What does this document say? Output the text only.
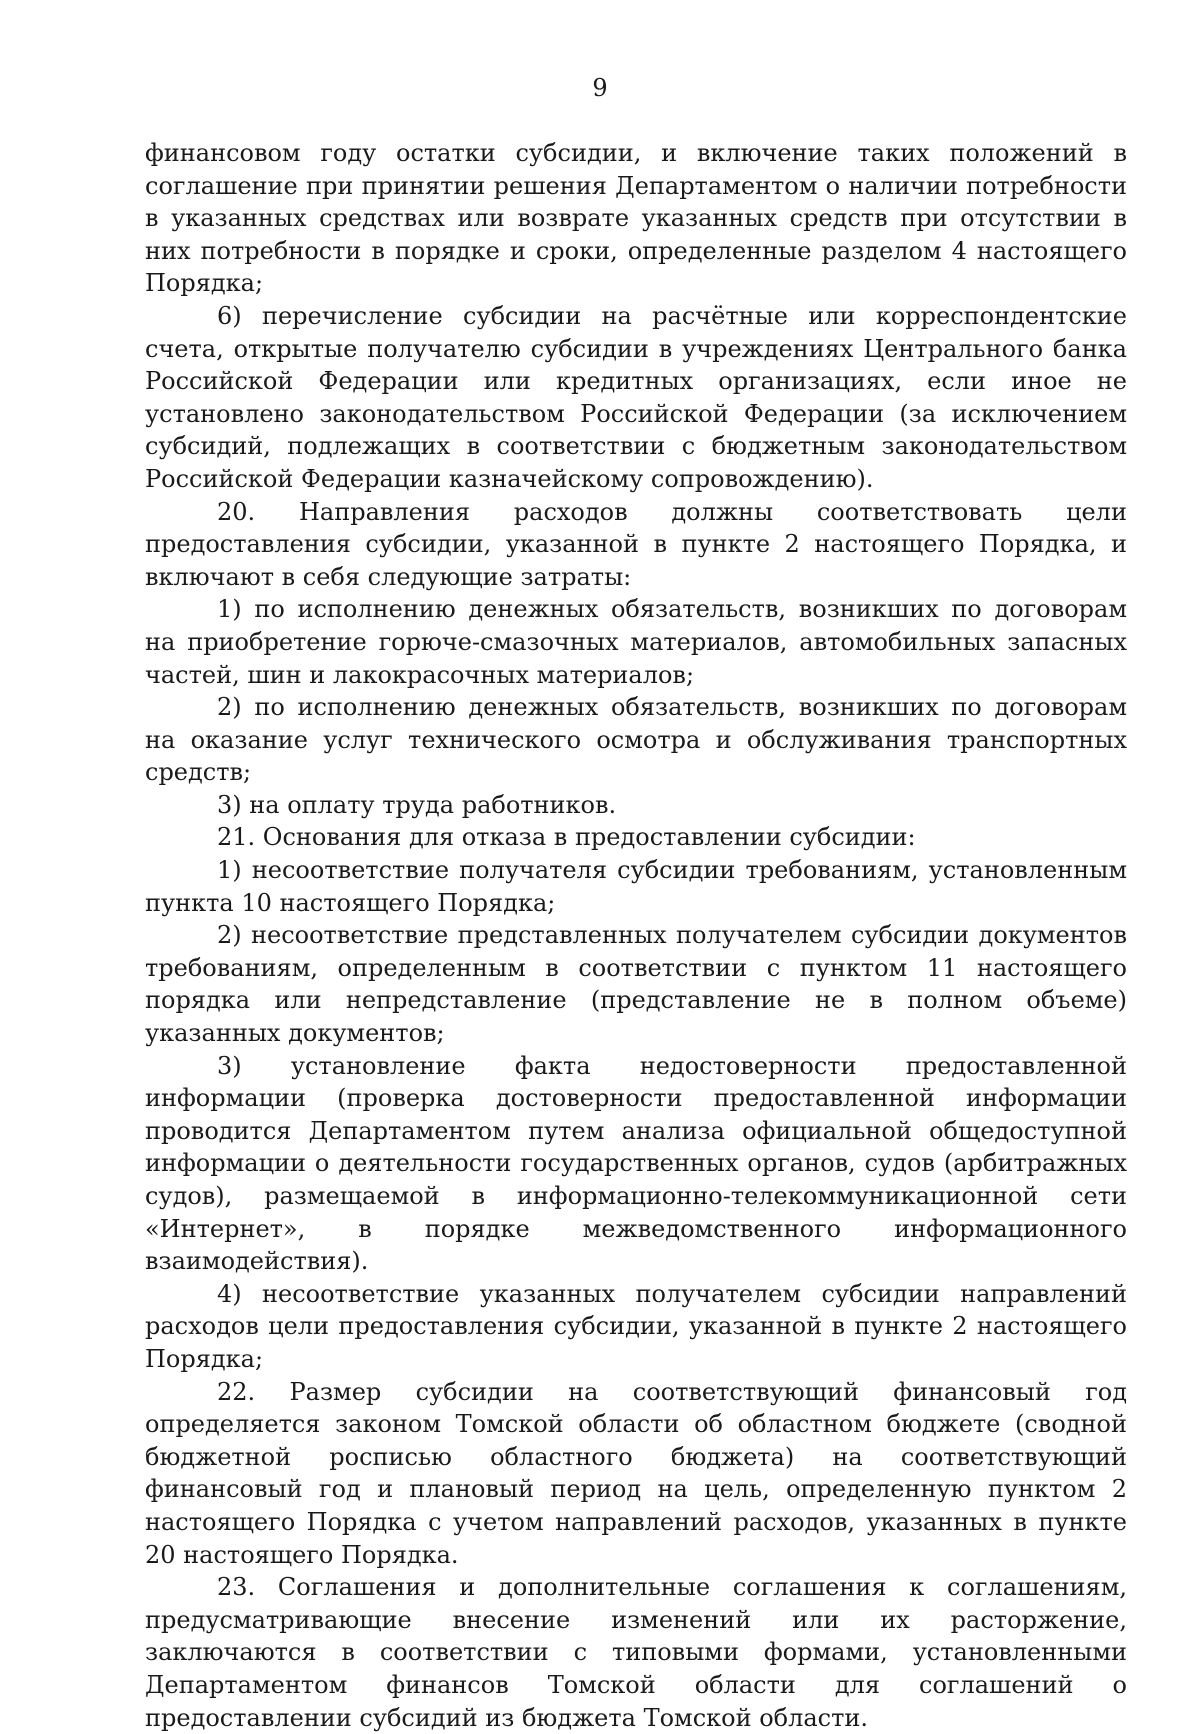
9

финансовом году остатки субсидии, и включение таких положений в соглашение при принятии решения Департаментом о наличии потребности в указанных средствах или возврате указанных средств при отсутствии в них потребности в порядке и сроки, определенные разделом 4 настоящего Порядка;

6) перечисление субсидии на расчётные или корреспондентские счета, открытые получателю субсидии в учреждениях Центрального банка Российской Федерации или кредитных организациях, если иное не установлено законодательством Российской Федерации (за исключением субсидий, подлежащих в соответствии с бюджетным законодательством Российской Федерации казначейскому сопровождению).

20. Направления расходов должны соответствовать цели предоставления субсидии, указанной в пункте 2 настоящего Порядка, и включают в себя следующие затраты:

1) по исполнению денежных обязательств, возникших по договорам на приобретение горюче-смазочных материалов, автомобильных запасных частей, шин и лакокрасочных материалов;

2) по исполнению денежных обязательств, возникших по договорам на оказание услуг технического осмотра и обслуживания транспортных средств;

3) на оплату труда работников.

21. Основания для отказа в предоставлении субсидии:

1) несоответствие получателя субсидии требованиям, установленным пункта 10 настоящего Порядка;

2) несоответствие представленных получателем субсидии документов требованиям, определенным в соответствии с пунктом 11 настоящего порядка или непредставление (представление не в полном объеме) указанных документов;

3) установление факта недостоверности предоставленной информации (проверка достоверности предоставленной информации проводится Департаментом путем анализа официальной общедоступной информации о деятельности государственных органов, судов (арбитражных судов), размещаемой в информационно-телекоммуникационной сети «Интернет», в порядке межведомственного информационного взаимодействия).

4) несоответствие указанных получателем субсидии направлений расходов цели предоставления субсидии, указанной в пункте 2 настоящего Порядка;

22. Размер субсидии на соответствующий финансовый год определяется законом Томской области об областном бюджете (сводной бюджетной росписью областного бюджета) на соответствующий финансовый год и плановый период на цель, определенную пунктом 2 настоящего Порядка с учетом направлений расходов, указанных в пункте 20 настоящего Порядка.

23. Соглашения и дополнительные соглашения к соглашениям, предусматривающие внесение изменений или их расторжение, заключаются в соответствии с типовыми формами, установленными Департаментом финансов Томской области для соглашений о предоставлении субсидий из бюджета Томской области.
